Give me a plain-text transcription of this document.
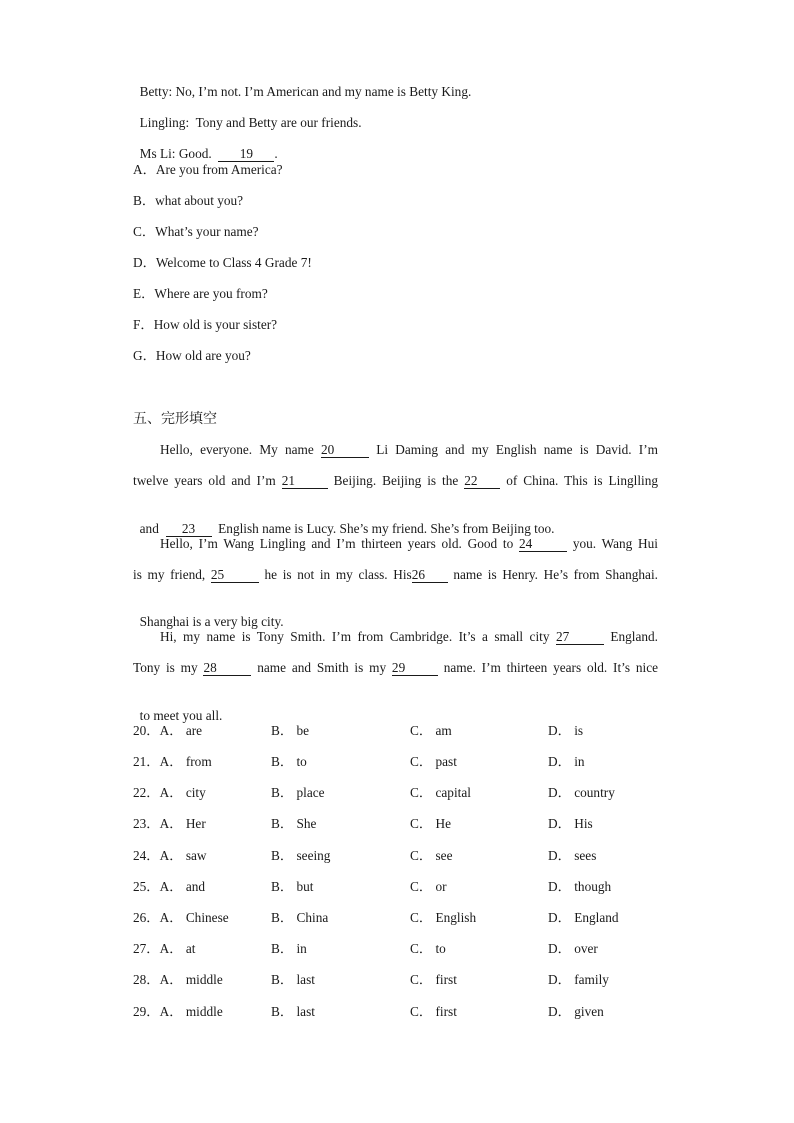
Betty: No, I’m not. I’m American and my name is Betty King.

Lingling: Tony and Betty are our friends.

Ms Li: Good. 19 .

A．Are you from America?
B．what about you?
C．What’s your name?
D．Welcome to Class 4 Grade 7!
E．Where are you from?
F．How old is your sister?
G．How old are you?
五、完形填空
Hello, everyone. My name 20	Li Daming and my English name is David. I’m
twelve years old and I’m 21	Beijing. Beijing is the 22 of China. This is Linglling

and 23 English name is Lucy. She’s my friend. She’s from Beijing too.

Hello, I’m Wang Lingling and I’m thirteen years old. Good to 24	you. Wang Hui
is my friend, 25	he is not in my class. His26 name is Henry. He’s from Shanghai.

Shanghai is a very big city.

Hi, my name is Tony Smith. I’m from Cambridge. It’s a small city 27	England.
Tony is my 28	name and Smith is my 29	name. I’m thirteen years old. It’s nice

to meet you all.

20．A． are	B． be	C． am	D． is
21．A． from	B． to	C． past	D． in
22．A． city	B． place	C． capital	D． country
23．A． Her	B． She	C． He	D． His
24．A． saw	B． seeing	C． see	D． sees
25．A． and	B． but	C． or	D． though
26．A． Chinese	B． China	C． English	D． England
27．A． at	B． in	C． to	D． over
28．A． middle	B． last	C． first	D． family
29．A． middle	B． last	C． first	D． given
